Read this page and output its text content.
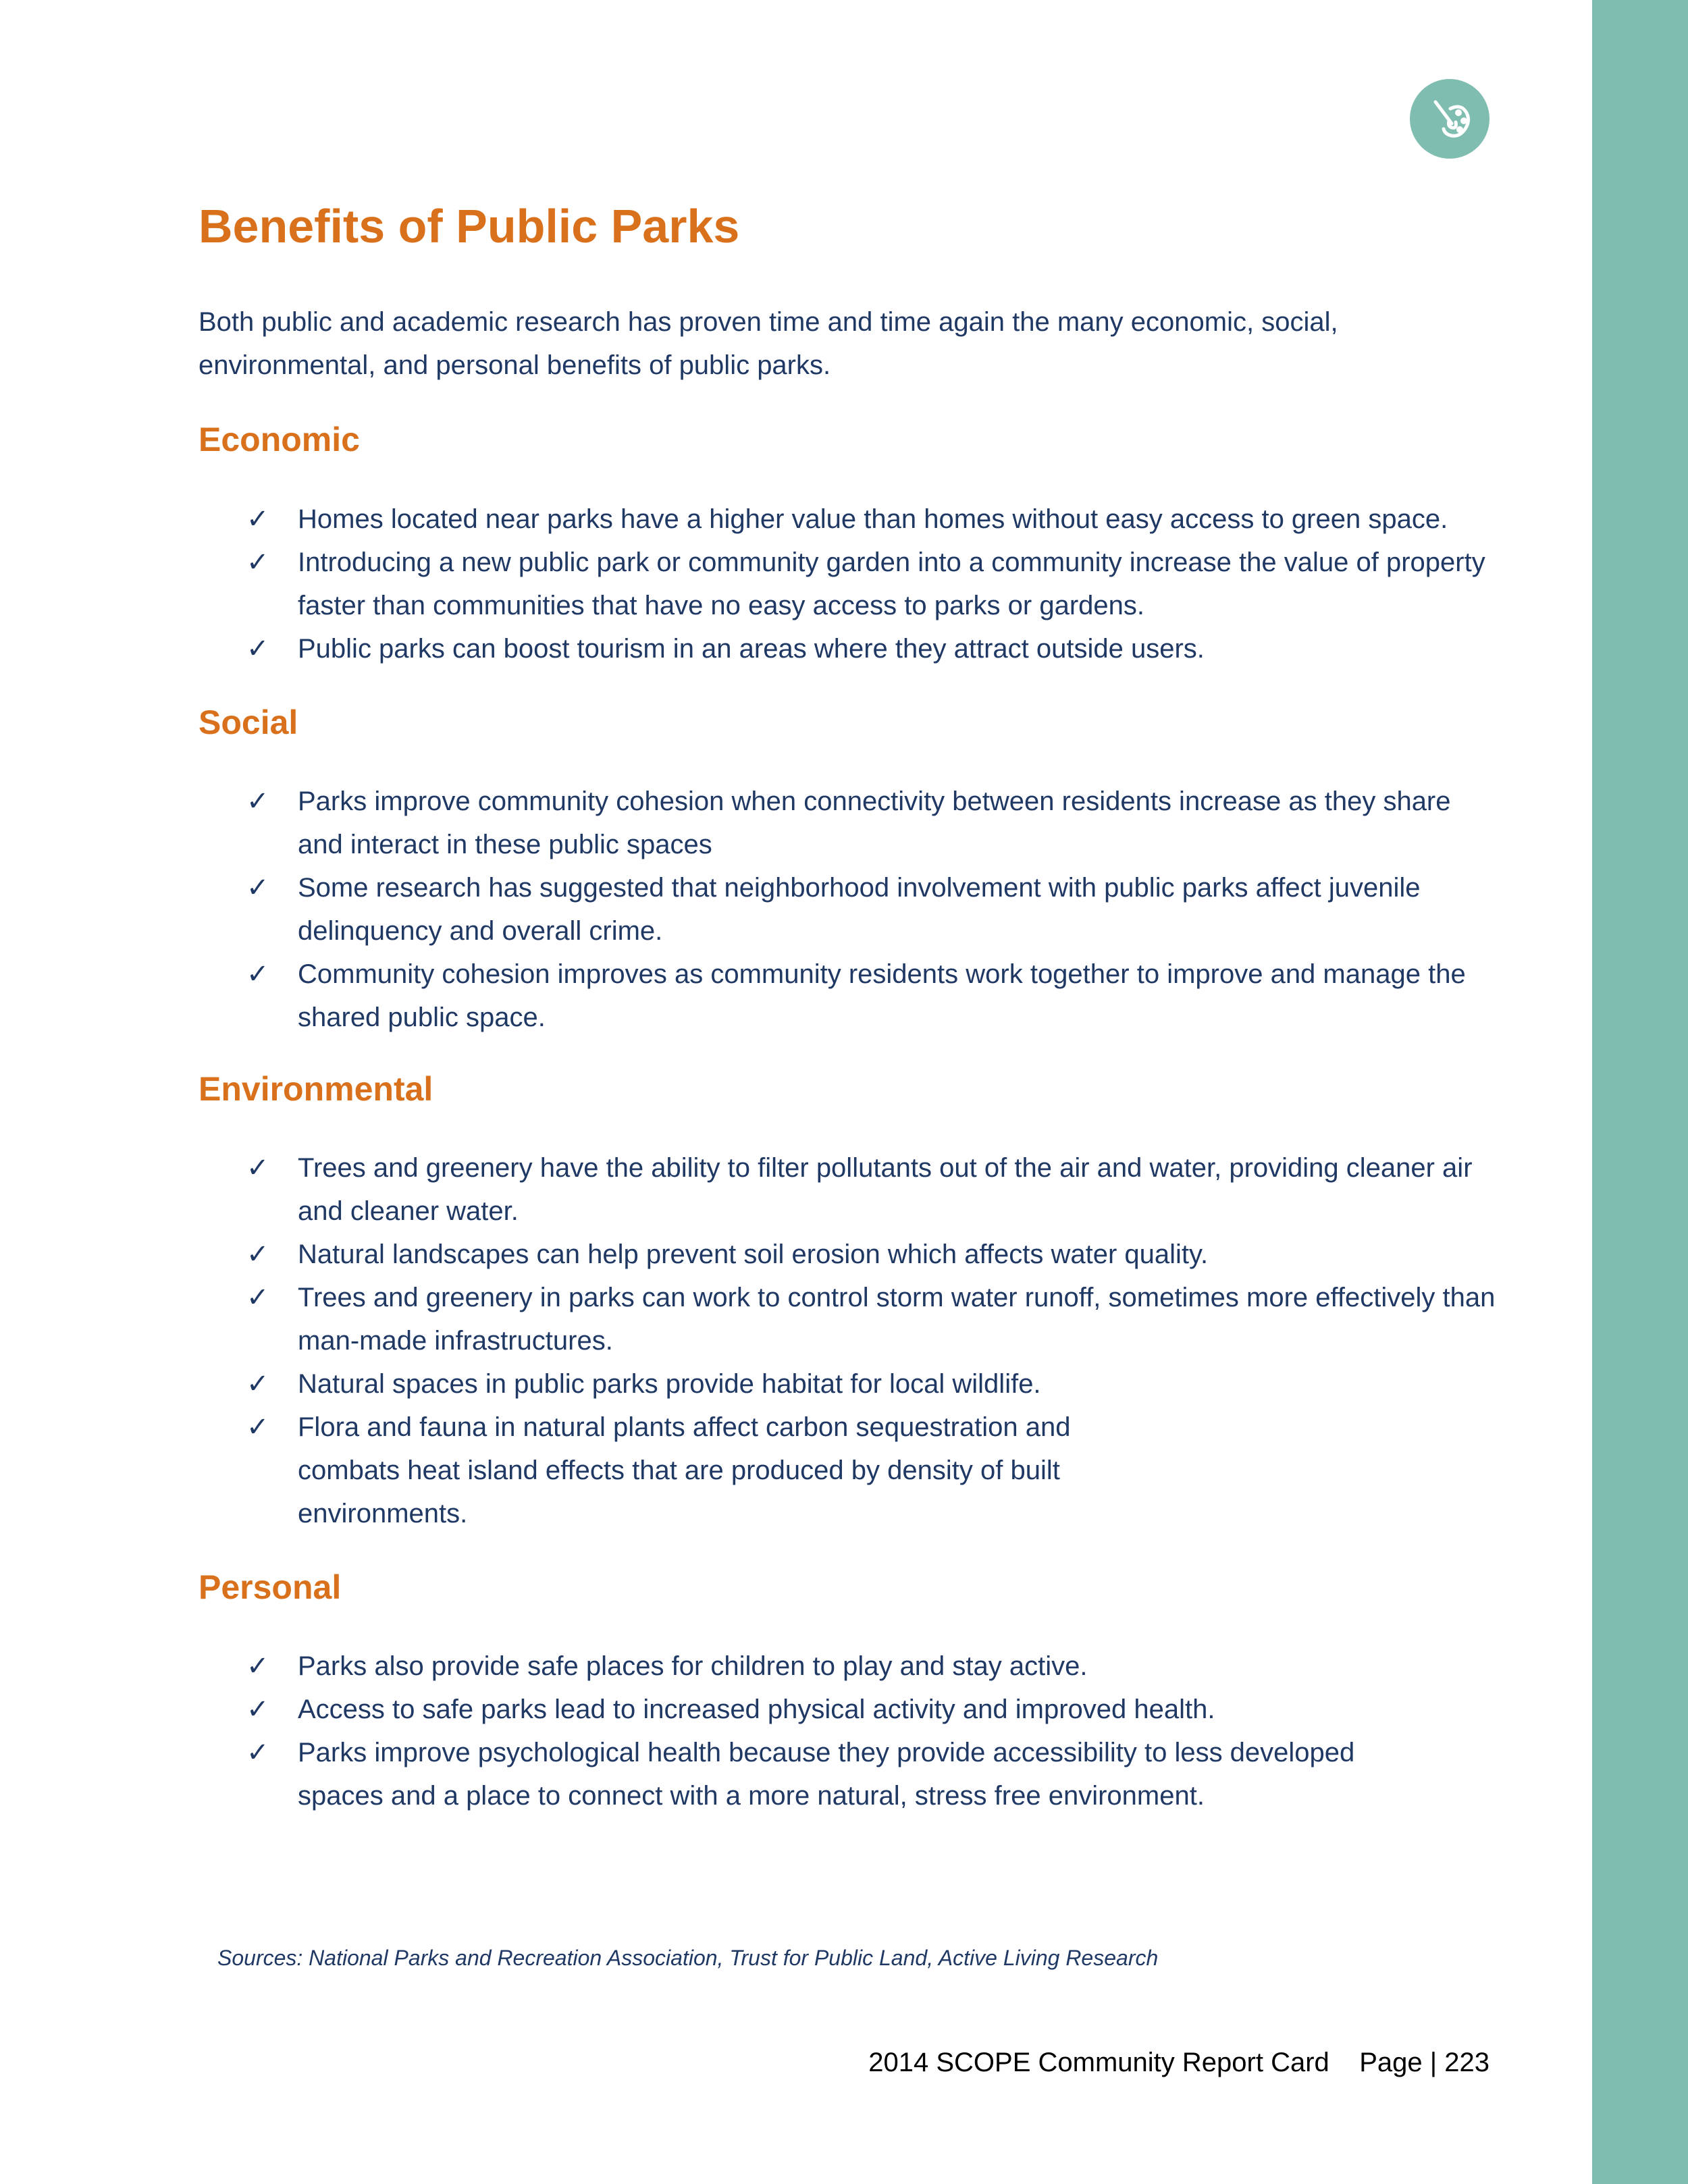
Benefits of Public Parks

Both public and academic research has proven time and time again the many economic, social, environmental, and personal benefits of public parks.

Economic
✓ Homes located near parks have a higher value than homes without easy access to green space.
✓ Introducing a new public park or community garden into a community increase the value of property faster than communities that have no easy access to parks or gardens.
✓ Public parks can boost tourism in an areas where they attract outside users.
Social
✓ Parks improve community cohesion when connectivity between residents increase as they share and interact in these public spaces
✓ Some research has suggested that neighborhood involvement with public parks affect juvenile delinquency and overall crime.
✓ Community cohesion improves as community residents work together to improve and manage the shared public space.
Environmental
✓ Trees and greenery have the ability to filter pollutants out of the air and water, providing cleaner air and cleaner water.
✓ Natural landscapes can help prevent soil erosion which affects water quality.
✓ Trees and greenery in parks can work to control storm water runoff, sometimes more effectively than man-made infrastructures.
✓ Natural spaces in public parks provide habitat for local wildlife.
✓ Flora and fauna in natural plants affect carbon sequestration and combats heat island effects that are produced by density of built environments.
Personal
✓ Parks also provide safe places for children to play and stay active.
✓ Access to safe parks lead to increased physical activity and improved health.
✓ Parks improve psychological health because they provide accessibility to less developed spaces and a place to connect with a more natural, stress free environment.

Sources: National Parks and Recreation Association, Trust for Public Land, Active Living Research

2014 SCOPE Community Report Card Page | 223
